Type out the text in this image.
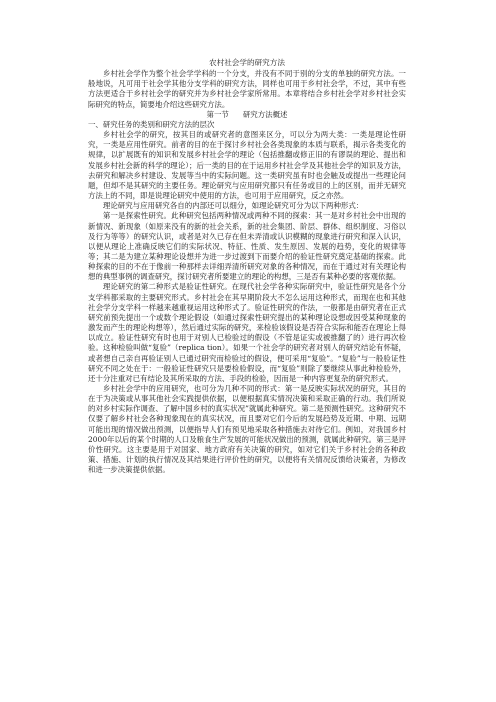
农村社会学的研究方法

乡村社会学作为整个社会学学科的一个分支，并没有不同于别的分支的单独的研究方法。一般地说，凡可用于社会学其他分支学科的研究方法，同样也可用于乡村社会学，不过，其中有些方法更适合于乡村社会学的研究并为乡村社会学家所常用。本章将结合乡村社会学对乡村社会实际研究的特点，简要地介绍这些研究方法。

第一节 研究方法概述

一、研究任务的类别和研究方法的层次

乡村社会学的研究，按其目的或研究者的意图来区分，可以分为两大类：一类是理论性研究，一类是应用性研究。前者的目的在于探讨乡村社会各类现象的本质与联系，揭示各类变化的规律，以扩展既有的知识和发展乡村社会学的理论（包括推翻或修正旧的有谬误的理论、提出和发展乡村社会新的科学的理论）；后一类的目的在于运用乡村社会学及其他社会学的知识及方法，去研究和解决乡村建设、发展等当中的实际问题。这一类研究虽有时也会触及或提出一些理论问题，但却不是其研究的主要任务。理论研究与应用研究都只有任务或目的上的区别，而并无研究方法上的不同，即是说理论研究中使用的方法，也可用于应用研究，反之亦然。

理论研究与应用研究各自的内部还可以细分，如理论研究可分为以下两种形式：

第一是探索性研究。此种研究包括两种情况或两种不同的探索：其一是对乡村社会中出现的新情况、新现象（如原来没有的新的社会关系，新的社会集团、阶层、群体、组织制度、习俗以及行为等等）的研究认识，或者是对久已存在但未弄清或认识模糊的现象进行研究和深入认识，以便从理论上准确反映它们的实际状况、特征、性质、发生原因、发展的趋势，变化的规律等等；其二是为建立某种理论设想并为进一步过渡到下而要介绍的验证性研究奠定基础的探索。此种探索的目的不在于像前一种那样去详细弄清所研究对象的各种情况，而在于通过对有关理论构想的典型事例的调查研究，探讨研究者所要建立的理论的构想，三是否有某种必要的客观依据。

理论研究的第二种形式是验证性研究。在现代社会学各种实际研究中，验证性研究是各个分支学科都采取的主要研究形式。乡村社会在其早期阶段大不怎么运用这种形式，而现在也和其他社会学分支学科一样越来越重视运用这种形式了。验证性研究的作法，一般都是由研究者在正式研究前预先提出一个或数个理论假设（如通过探索性研究提出的某种理论设想或因受某种现象的激发而产生的理论构想等），然后通过实际的研究，来检验该假设是否符合实际和能否在理论上得以成立。验证性研究有时也用于对别人已检验过的假设（不管是证实或被推翻了的）进行再次检验。这种检验叫做“复验”（replica tion）。如果一个社会学的研究者对别人的研究结论有怀疑，或者想自己亲自再验证别人已通过研究而检验过的假设，便可采用“复验”。“复验”与一般验证性研究不同之处在于：一般验证性研究只是要检验假设，而“复验”则除了要继续从事此种检验外，还十分注重对已有结论及其所采取的方法、手段的检验，因而是一种内容更复杂的研究形式。

乡村社会学中的应用研究，也可分为几种不同的形式：第一是反映实际状况的研究，其目的在于为决策或从事其他社会实践提供依据，以便根据真实情况决策和采取正确的行动。我们所说的对乡村实际作调查、了解中国乡村的真实状况”就属此种研究。第二是预测性研究。这种研究不仅要了解乡村社会各种现象现在的真实状况，而且要对它们今后的发展趋势及近期、中期、远期可能出现的情况做出预测，以便指导人们有预见地采取各种措施去对待它们。例如，对我国乡村2000年以后的某个时期的人口及粮食生产发展的可能状况做出的预测，就属此种研究。第三是评价性研究。这主要是用于对国家、地方政府有关决策的研究，如对它们关于乡村社会的各种政策、措施、计划的执行情况及其结果进行评价性的研究，以便将有关情况反馈给决策者，为修改和进一步决策提供依据。
